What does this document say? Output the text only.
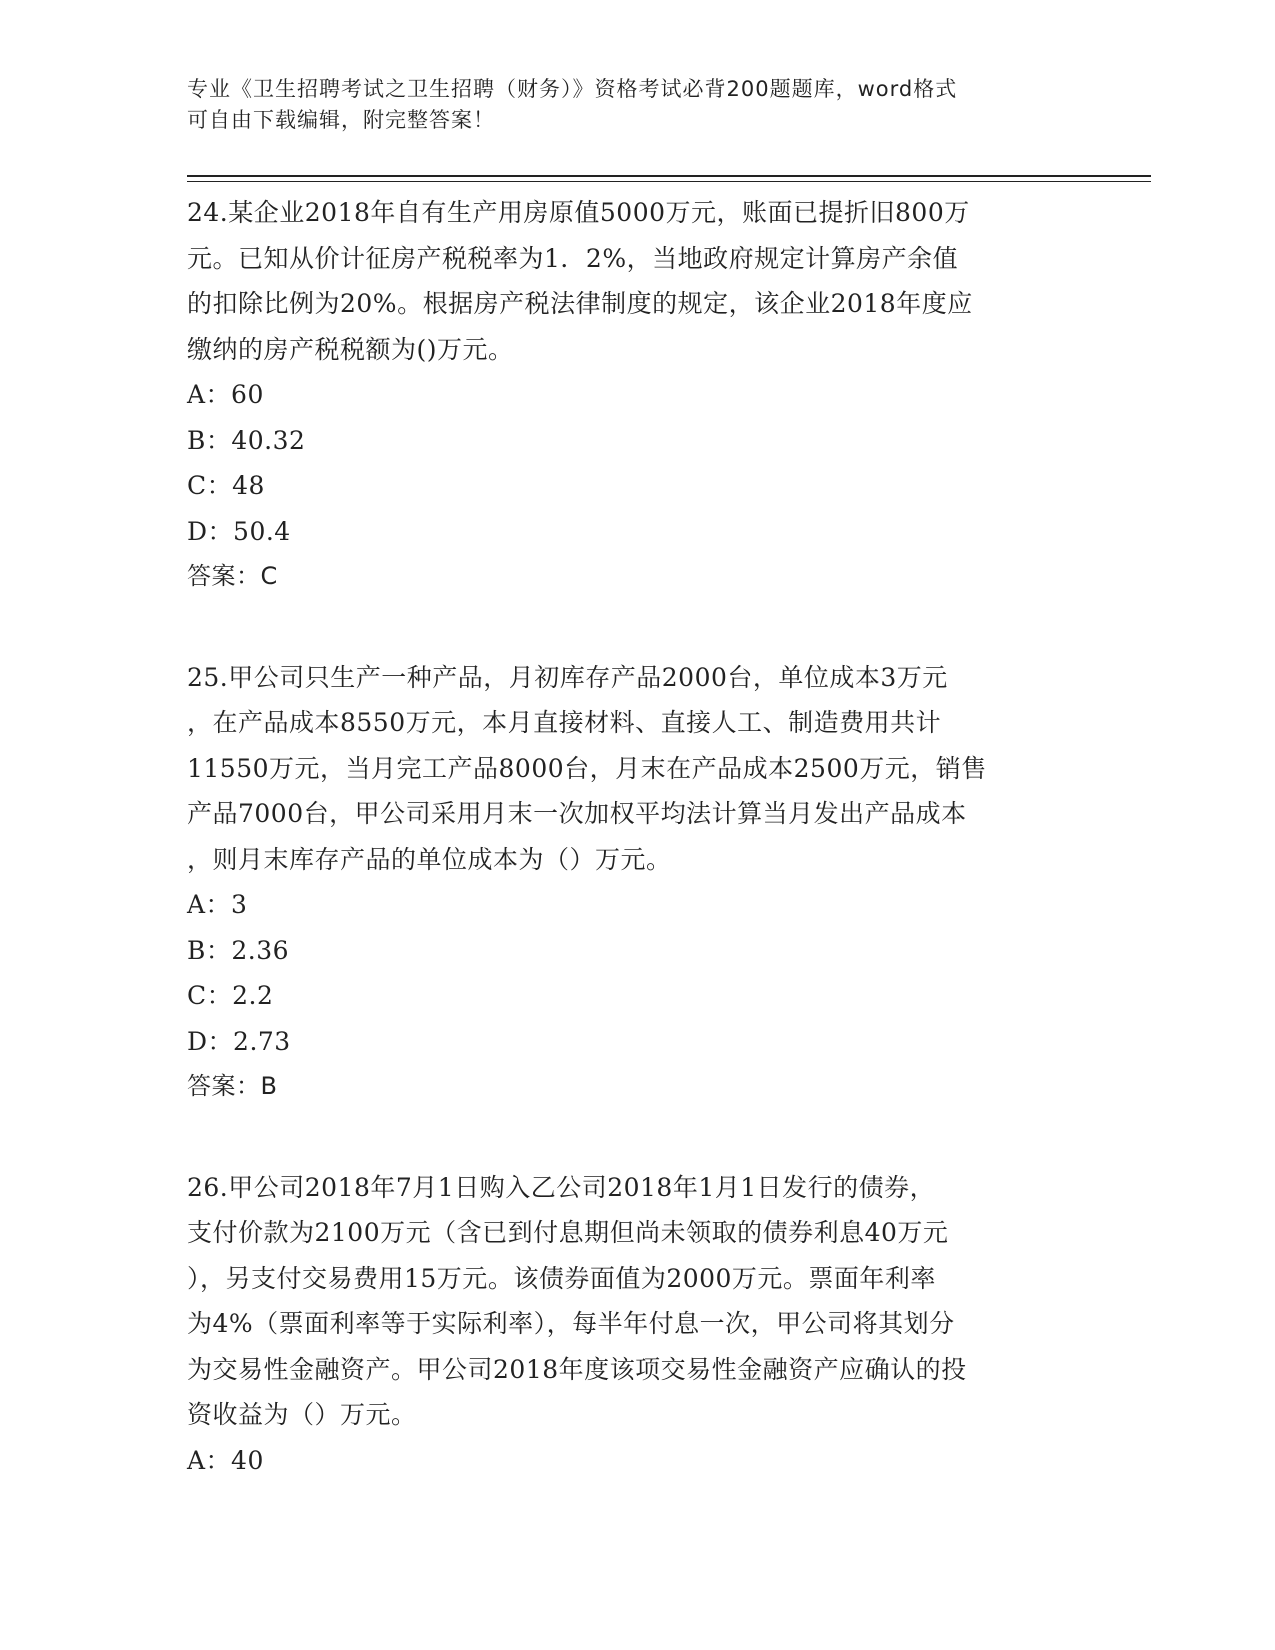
专业《卫生招聘考试之卫生招聘（财务）》资格考试必背200题题库，word格式
可自由下载编辑，附完整答案！
24.某企业2018年自有生产用房原值5000万元，账面已提折旧800万
元。已知从价计征房产税税率为1．2%，当地政府规定计算房产余值
的扣除比例为20%。根据房产税法律制度的规定，该企业2018年度应
缴纳的房产税税额为()万元。
A：60
B：40.32
C：48
D：50.4
答案：C
25.甲公司只生产一种产品，月初库存产品2000台，单位成本3万元
，在产品成本8550万元，本月直接材料、直接人工、制造费用共计
11550万元，当月完工产品8000台，月末在产品成本2500万元，销售
产品7000台，甲公司采用月末一次加权平均法计算当月发出产品成本
，则月末库存产品的单位成本为（）万元。
A：3
B：2.36
C：2.2
D：2.73
答案：B
26.甲公司2018年7月1日购入乙公司2018年1月1日发行的债券，
支付价款为2100万元（含已到付息期但尚未领取的债券利息40万元
），另支付交易费用15万元。该债券面值为2000万元。票面年利率
为4%（票面利率等于实际利率），每半年付息一次，甲公司将其划分
为交易性金融资产。甲公司2018年度该项交易性金融资产应确认的投
资收益为（）万元。
A：40
